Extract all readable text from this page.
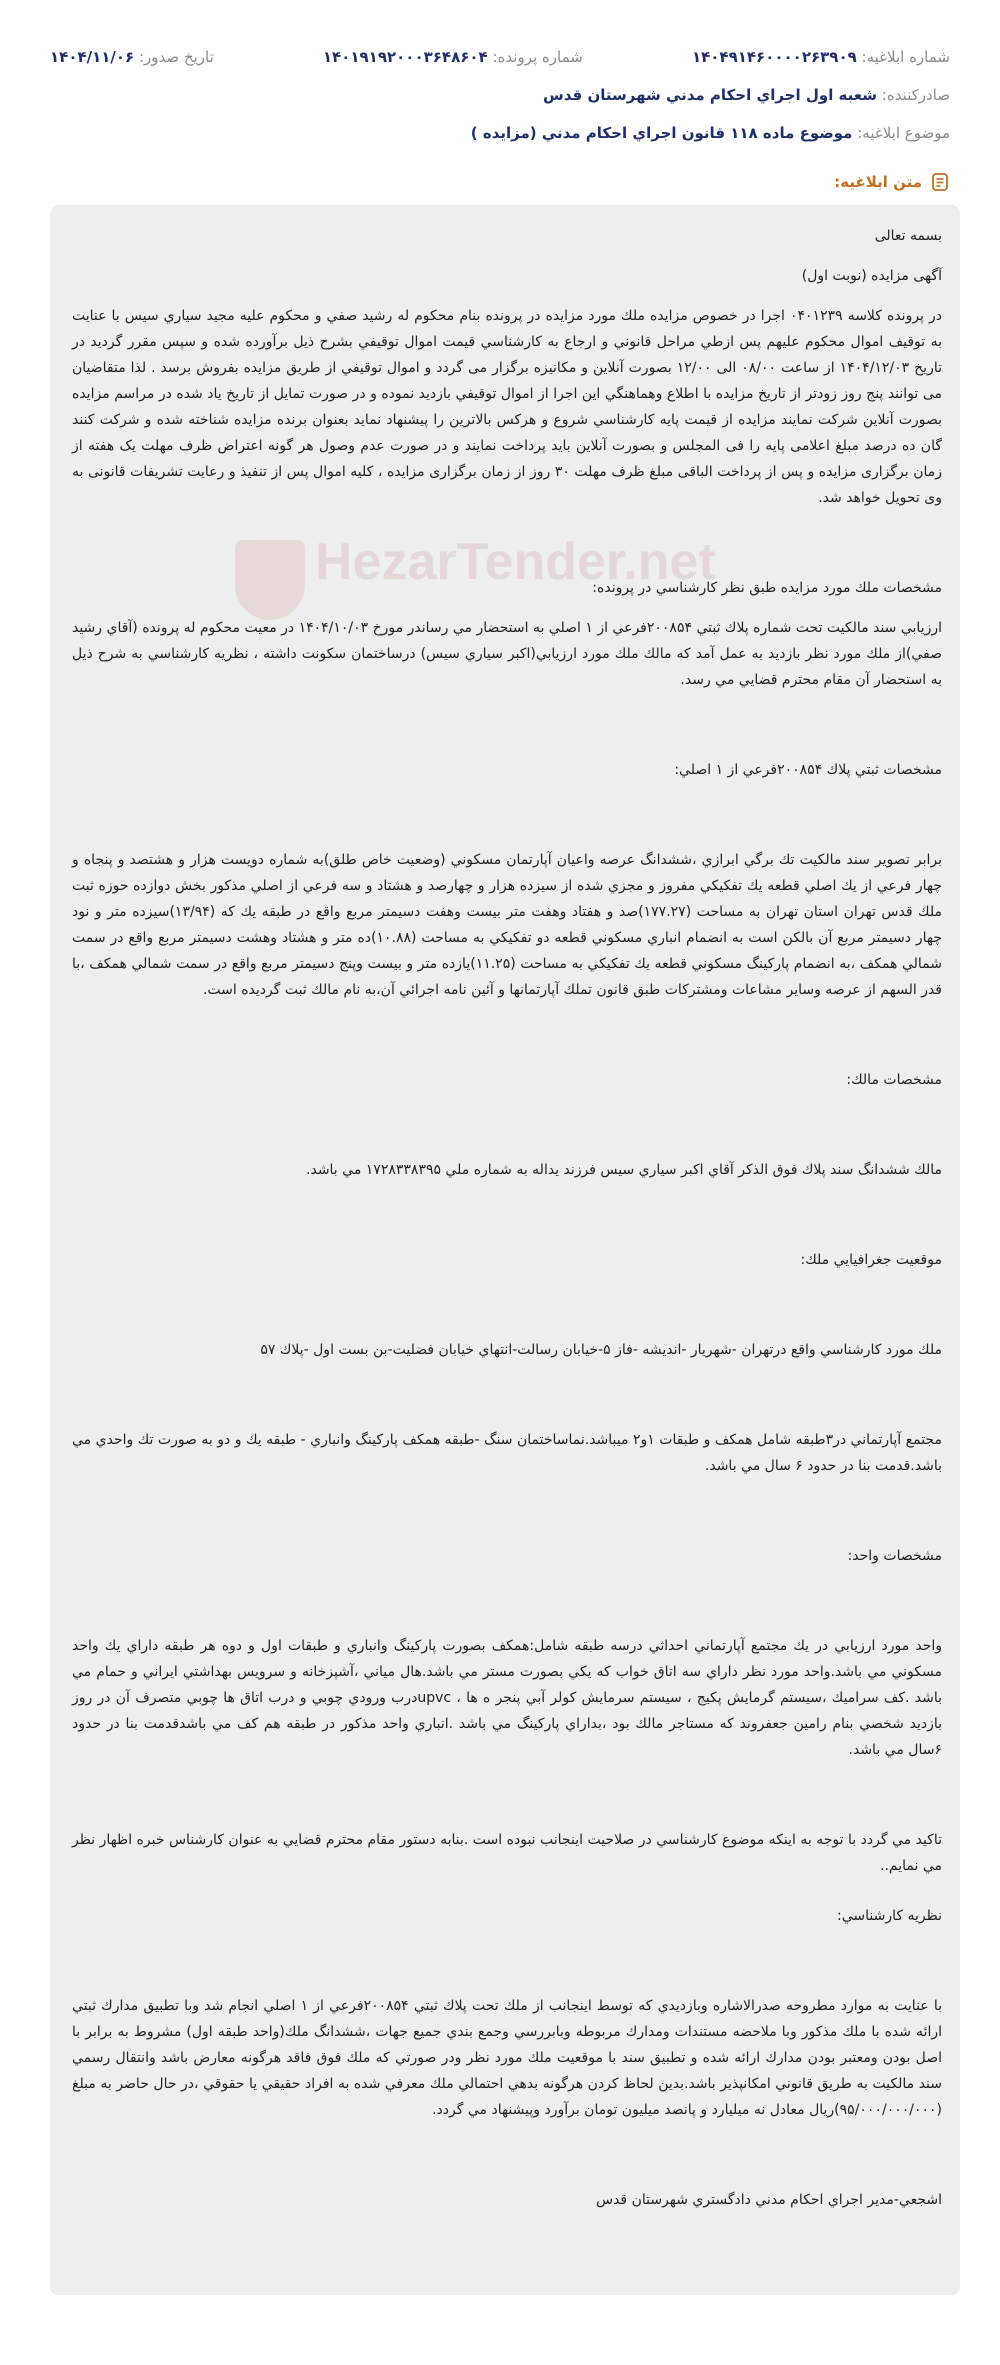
شماره ابلاغیه: ۱۴۰۴۹۱۴۶۰۰۰۰۲۶۳۹۰۹
شماره پرونده: ۱۴۰۱۹۱۹۲۰۰۰۳۶۴۸۶۰۴
تاریخ صدور: ۱۴۰۴/۱۱/۰۶
صادرکننده: شعبه اول اجراي احكام مدني شهرستان قدس
موضوع ابلاغیه: موضوع ماده ۱۱۸ قانون اجراي احكام مدني (مزايده )
متن ابلاغیه:
HezarTender.net

بسمه تعالی

آگهی مزایده (نوبت اول)

در پرونده كلاسه ۰۴۰۱۲۳۹ اجرا در خصوص مزايده ملك مورد مزايده در پرونده بنام محكوم له رشيد صفي و محكوم عليه مجيد سياري سيس با عنايت به توقيف اموال محكوم عليهم پس ازطي مراحل قانوني و ارجاع به كارشناسي قيمت اموال توقيفي بشرح ذيل برآورده شده و سپس مقرر گرديد در تاريخ ۱۴۰۴/۱۲/۰۳ از ساعت ۰۸/۰۰ الی ۱۲/۰۰ بصورت آنلاين و مكانيزه برگزار می گردد و اموال توقيفي از طريق مزايده بفروش برسد . لذا متقاضيان می توانند پنج روز زودتر از تاريخ مزايده با اطلاع وهماهنگي اين اجرا از اموال توقيفي بازديد نموده و در صورت تمايل از تاريخ ياد شده در مراسم مزايده بصورت آنلاين شركت نمايند مزايده از قيمت پايه كارشناسي شروع و هركس بالاترين را پيشنهاد نمايد بعنوان برنده مزايده شناخته شده و شركت كنند گان ده درصد مبلغ اعلامی پايه را فی المجلس و بصورت آنلاين بايد پرداخت نمايند و در صورت عدم وصول هر گونه اعتراض ظرف مهلت يک هفته از زمان برگزاری مزايده و پس از پرداخت الباقی مبلغ ظرف مهلت ۳۰ روز از زمان برگزاری مزايده ، كليه اموال پس از تنفيذ و رعايت تشريفات قانونی به وی تحويل خواهد شد.

مشخصات ملك مورد مزايده طبق نظر كارشناسي در پرونده:

ارزيابي سند مالكيت تحت شماره پلاك ثبتي ۲۰۰۸۵۴فرعي از ۱ اصلي به استحضار مي رساندر مورخ ۱۴۰۴/۱۰/۰۳ در معيت محكوم له پرونده (آقاي رشيد صفي)از ملك مورد نظر بازديد به عمل آمد كه مالك ملك مورد ارزيابي(اكبر سياري سيس) درساختمان سكونت داشته ، نظريه كارشناسي به شرح ذيل به استحضار آن مقام محترم قضايي مي رسد.

مشخصات ثبتي پلاك ۲۰۰۸۵۴فرعي از ۱ اصلي:

برابر تصوير سند مالكيت تك برگي ابرازي ،ششدانگ عرصه واعيان آپارتمان مسكوني (وضعيت خاص طلق)به شماره دويست هزار و هشتصد و پنجاه و چهار فرعي از يك اصلي قطعه يك تفكيكي مفروز و مجزي شده از سيزده هزار و چهارصد و هشتاد و سه فرعي از اصلي مذكور بخش دوازده حوزه ثبت ملك قدس تهران استان تهران به مساحت (۱۷۷.۲۷)صد و هفتاد وهفت متر بيست وهفت دسيمتر مربع واقع در طبقه يك كه (۱۳/۹۴)سيزده متر و نود چهار دسيمتر مربع آن بالكن است به انضمام انباري مسكوني قطعه دو تفكيكي به مساحت (۱۰.۸۸)ده متر و هشتاد وهشت دسيمتر مربع واقع در سمت شمالي همكف ،به انضمام پاركينگ مسكوني قطعه يك تفكيكي به مساحت (۱۱.۲۵)يازده متر و بيست وپنج دسيمتر مربع واقع در سمت شمالي همكف ،با قدر السهم از عرصه وساير مشاعات ومشتركات طبق قانون تملك آپارتمانها و آئين نامه اجرائي آن،به نام مالك ثبت گرديده است.

مشخصات مالك:

مالك ششدانگ سند پلاك فوق الذكر آقاي اكبر سياري سيس فرزند يداله به شماره ملي ۱۷۲۸۳۳۸۳۹۵ مي باشد.

موقعيت جغرافيايي ملك:

ملك مورد كارشناسي واقع درتهران -شهريار -انديشه -فاز ۵-خيابان رسالت-انتهاي خيابان فضليت-بن بست اول -پلاك ۵۷

مجتمع آپارتماني در۳طبقه شامل همكف و طبقات ۱و۲ ميباشد.نماساختمان سنگ -طبقه همكف پاركينگ وانباري - طبقه يك و دو به صورت تك واحدي مي باشد.قدمت بنا در حدود ۶ سال مي باشد.

مشخصات واحد:

واحد مورد ارزيابي در يك مجتمع آپارتماني احداثي درسه طبقه شامل:همكف بصورت پاركينگ وانباري و طبقات اول و دوه هر طبقه داراي يك واحد مسكوني مي باشد.واحد مورد نظر داراي سه اتاق خواب كه يكي بصورت مستر مي باشد.هال مياني ،آشپزخانه و سرويس بهداشتي ايراني و حمام مي باشد .كف سراميك ،سيستم گرمايش پكيج ، سيستم سرمايش كولر آبي پنجر ه ها ، upvcدرب ورودي چوبي و درب اتاق ها چوبي متصرف آن در روز بازديد شخصي بنام رامين جعفروند كه مستاجر مالك بود ،بداراي پاركينگ مي باشد .انباري واحد مذكور در طبقه هم كف مي باشدقدمت بنا در حدود ۶سال مي باشد.

تاكيد مي گردد با توجه به اينكه موضوع كارشناسي در صلاحيت اينجانب نبوده است .بنابه دستور مقام محترم قضايي به عنوان كارشناس خبره اظهار نظر مي نمايم..

نظريه كارشناسي:

با عنايت به موارد مطروحه صدرالاشاره وبازديدي كه توسط اينجانب از ملك تحت پلاك ثبتي ۲۰۰۸۵۴فرعي از ۱ اصلي انجام شد وبا تطبيق مدارك ثبتي ارائه شده با ملك مذكور وبا ملاحضه مستندات ومدارك مربوطه وبابررسي وجمع بندي جميع جهات ،ششدانگ ملك(واحد طبقه اول) مشروط به برابر با اصل بودن ومعتبر بودن مدارك ارائه شده و تطبيق سند با موقعيت ملك مورد نظر ودر صورتي كه ملك فوق فاقد هرگونه معارض باشد وانتقال رسمي سند مالكيت به طريق قانوني امكانپذير باشد.بدين لحاظ كردن هرگونه بدهي احتمالي ملك معرفي شده به افراد حقيقي يا حقوقي ،در حال حاضر به مبلغ (۹۵/۰۰۰/۰۰۰/۰۰۰)ريال معادل نه ميليارد و پانصد ميليون تومان برآورد وپيشنهاد مي گردد.

اشجعي-مدير اجراي احكام مدني دادگستري شهرستان قدس
